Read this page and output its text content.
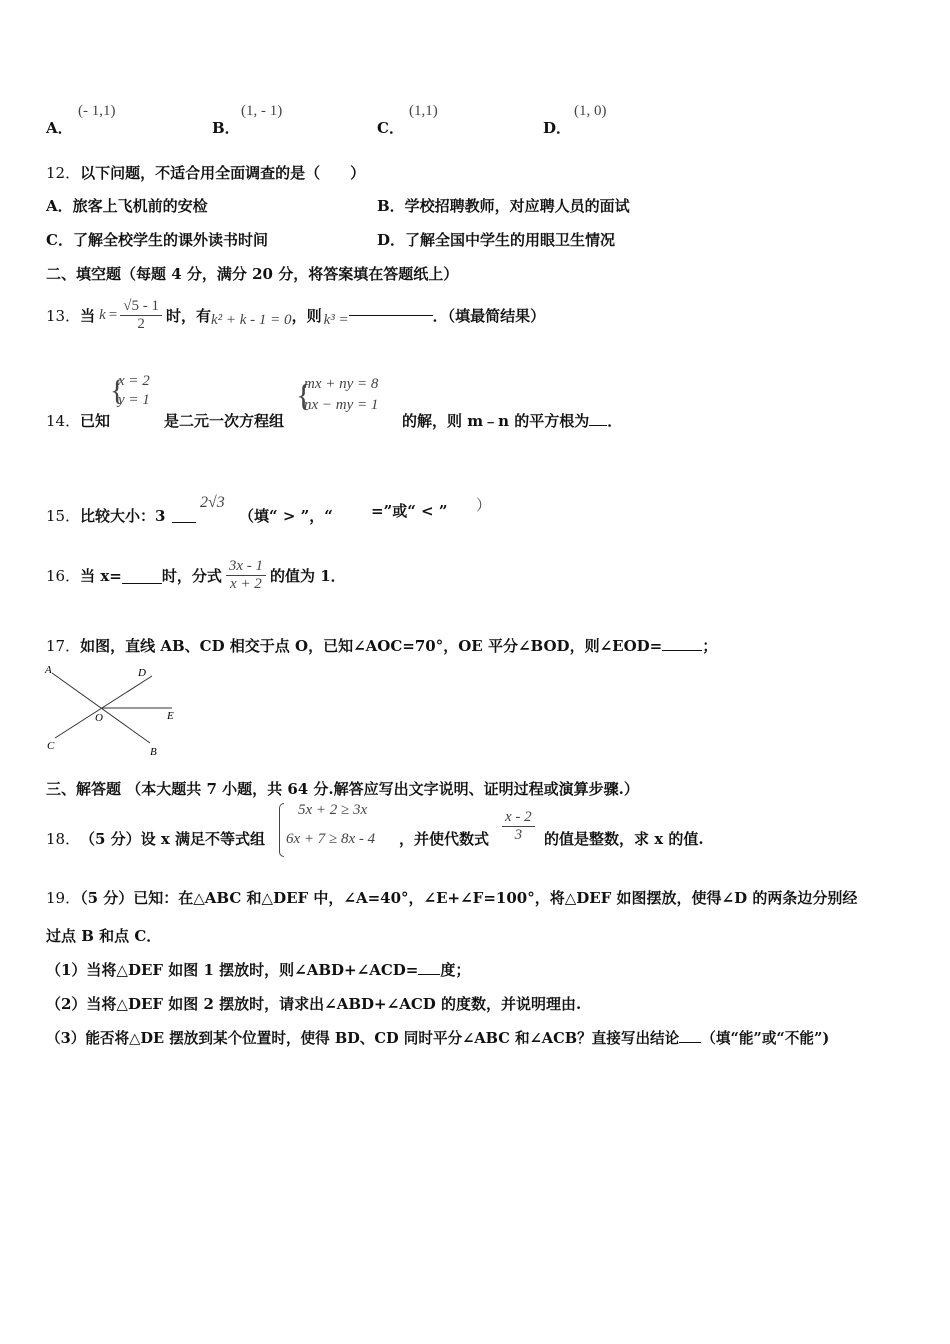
A．
(- 1,1)
B．
(1, - 1)
C．
(1,1)
D．
(1, 0)
12．以下问题，不适合用全面调查的是（　　）
A．旅客上飞机前的安检	B．学校招聘教师，对应聘人员的面试
C．了解全校学生的课外读书时间	D．了解全国中学生的用眼卫生情况
二、填空题（每题 4 分，满分 20 分，将答案填在答题纸上）
13． 当 $k = \frac{√5 - 1}{2}$ 时，有 k² + k - 1 = 0 ，则 k³ =	．（填最简结果）
14． 已知
{
x = 2
y = 1
是二元一次方程组
{
mx + ny = 8
nx − my = 1
的解，则 m﹣n 的平方根为 ．
15． 比较大小：3
2√3
（填“ > ”，“	=”或“ < ” ）
16． 当 x=	时，分式 $\frac{3x - 1}{x + 2}$ 的值为 1．
17．如图，直线 AB、CD 相交于点 O，已知∠AOC=70°，OE 平分∠BOD，则∠EOD=	；
A	D
O	E
C	B
三、解答题 （本大题共 7 小题，共 64 分.解答应写出文字说明、证明过程或演算步骤.）
18． （5 分）设 x 满足不等式组
5x + 2 ≥ 3x
6x + 7 ≥ 8x - 4 ，并使代数式 $\frac{x - 2}{3}$ 的值是整数，求 x 的值.
19．（5 分）已知：在△ABC 和△DEF 中，∠A=40°，∠E+∠F=100°，将△DEF 如图摆放，使得∠D 的两条边分别经
过点 B 和点 C．
（1）当将△DEF 如图 1 摆放时，则∠ABD+∠ACD= 度；
（2）当将△DEF 如图 2 摆放时，请求出∠ABD+∠ACD 的度数，并说明理由.
（3）能否将△DE 摆放到某个位置时，使得 BD、CD 同时平分∠ABC 和∠ACB？直接写出结论 （填“能”或“不能”)
